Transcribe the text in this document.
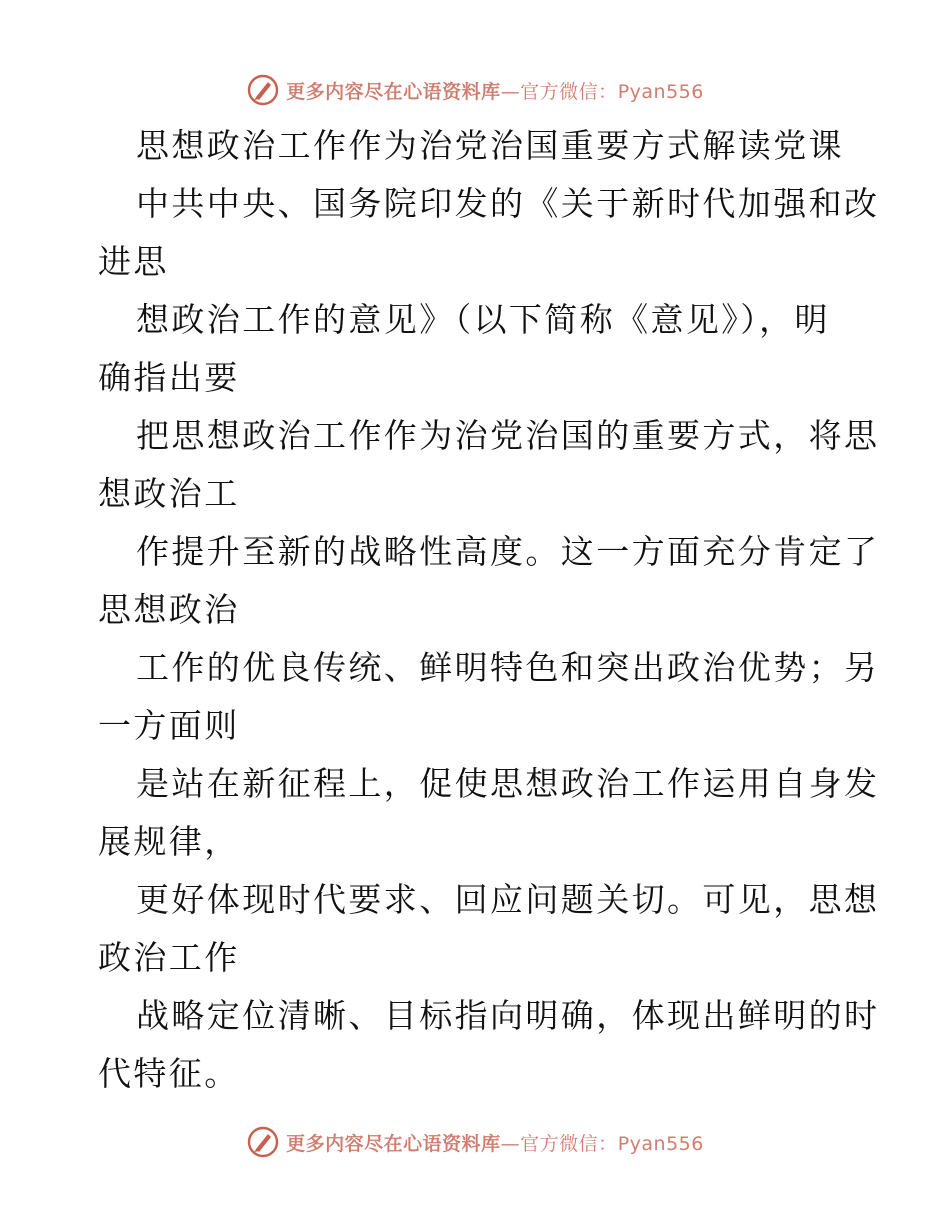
更多内容尽在心语资料库—官方微信：Pyan556
思想政治工作作为治党治国重要方式解读党课
中共中央、国务院印发的《关于新时代加强和改
进思
想政治工作的意见》（以下简称《意见》），明
确指出要
把思想政治工作作为治党治国的重要方式，将思
想政治工
作提升至新的战略性高度。这一方面充分肯定了
思想政治
工作的优良传统、鲜明特色和突出政治优势；另
一方面则
是站在新征程上，促使思想政治工作运用自身发
展规律，
更好体现时代要求、回应问题关切。可见，思想
政治工作
战略定位清晰、目标指向明确，体现出鲜明的时
代特征。
更多内容尽在心语资料库—官方微信：Pyan556
